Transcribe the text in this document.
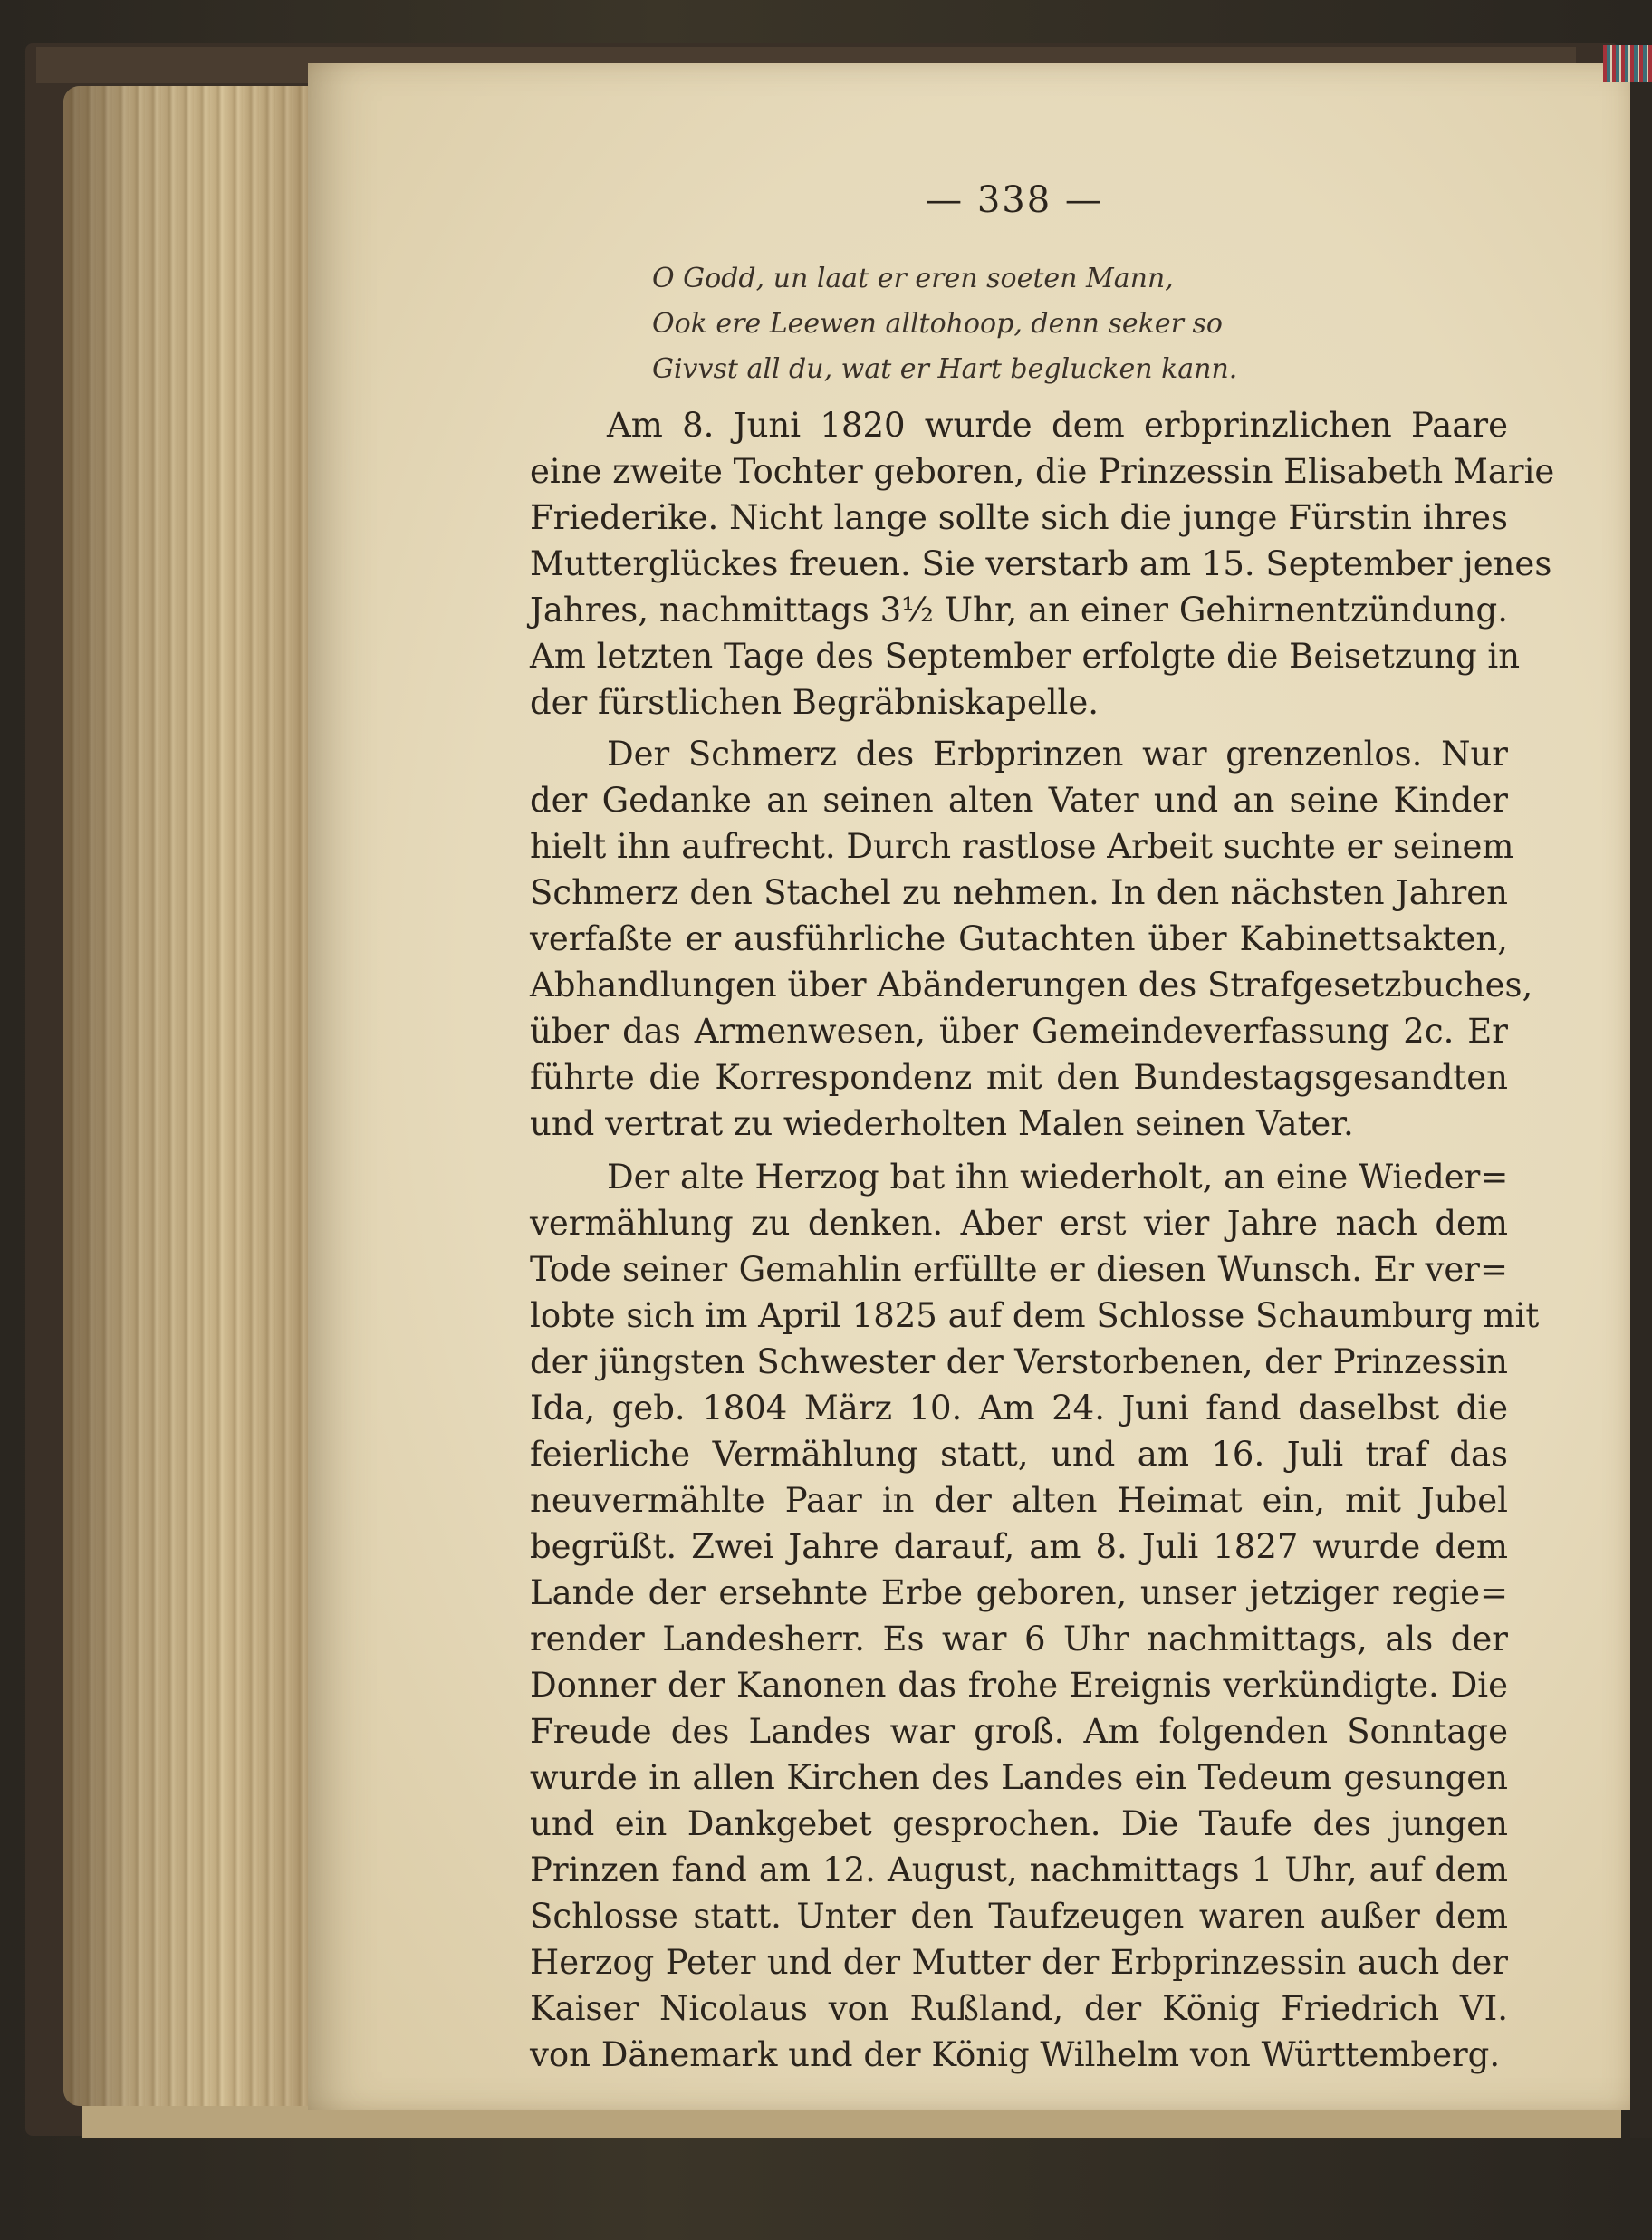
— 338 —
O Godd, un laat er eren soeten Mann,
Ook ere Leewen alltohoop, denn seker so
Givvst all du, wat er Hart beglucken kann.
Am 8. Juni 1820 wurde dem erbprinzlichen Paare
eine zweite Tochter geboren, die Prinzessin Elisabeth Marie
Friederike. Nicht lange sollte sich die junge Fürstin ihres
Mutterglückes freuen. Sie verstarb am 15. September jenes
Jahres, nachmittags 3½ Uhr, an einer Gehirnentzündung.
Am letzten Tage des September erfolgte die Beisetzung in
der fürstlichen Begräbniskapelle.
Der Schmerz des Erbprinzen war grenzenlos. Nur
der Gedanke an seinen alten Vater und an seine Kinder
hielt ihn aufrecht. Durch rastlose Arbeit suchte er seinem
Schmerz den Stachel zu nehmen. In den nächsten Jahren
verfaßte er ausführliche Gutachten über Kabinettsakten,
Abhandlungen über Abänderungen des Strafgesetzbuches,
über das Armenwesen, über Gemeindeverfassung 2c. Er
führte die Korrespondenz mit den Bundestagsgesandten
und vertrat zu wiederholten Malen seinen Vater.
Der alte Herzog bat ihn wiederholt, an eine Wieder=
vermählung zu denken. Aber erst vier Jahre nach dem
Tode seiner Gemahlin erfüllte er diesen Wunsch. Er ver=
lobte sich im April 1825 auf dem Schlosse Schaumburg mit
der jüngsten Schwester der Verstorbenen, der Prinzessin
Ida, geb. 1804 März 10. Am 24. Juni fand daselbst die
feierliche Vermählung statt, und am 16. Juli traf das
neuvermählte Paar in der alten Heimat ein, mit Jubel
begrüßt. Zwei Jahre darauf, am 8. Juli 1827 wurde dem
Lande der ersehnte Erbe geboren, unser jetziger regie=
render Landesherr. Es war 6 Uhr nachmittags, als der
Donner der Kanonen das frohe Ereignis verkündigte. Die
Freude des Landes war groß. Am folgenden Sonntage
wurde in allen Kirchen des Landes ein Tedeum gesungen
und ein Dankgebet gesprochen. Die Taufe des jungen
Prinzen fand am 12. August, nachmittags 1 Uhr, auf dem
Schlosse statt. Unter den Taufzeugen waren außer dem
Herzog Peter und der Mutter der Erbprinzessin auch der
Kaiser Nicolaus von Rußland, der König Friedrich VI.
von Dänemark und der König Wilhelm von Württemberg.
